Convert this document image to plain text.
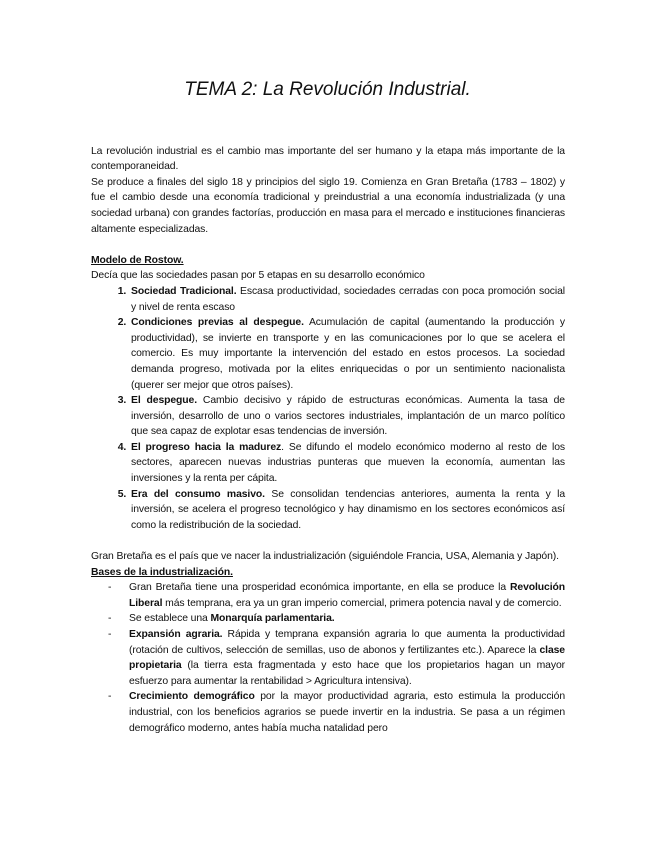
TEMA 2: La Revolución Industrial.

La revolución industrial es el cambio mas importante del ser humano y la etapa más importante de la contemporaneidad.

Se produce a finales del siglo 18 y principios del siglo 19. Comienza en Gran Bretaña (1783 – 1802) y fue el cambio desde una economía tradicional y preindustrial a una economía industrializada (y una sociedad urbana) con grandes factorías, producción en masa para el mercado e instituciones financieras altamente especializadas.

Modelo de Rostow.

Decía que las sociedades pasan por 5 etapas en su desarrollo económico

1. Sociedad Tradicional. Escasa productividad, sociedades cerradas con poca promoción social y nivel de renta escaso
2. Condiciones previas al despegue. Acumulación de capital (aumentando la producción y productividad), se invierte en transporte y en las comunicaciones por lo que se acelera el comercio. Es muy importante la intervención del estado en estos procesos. La sociedad demanda progreso, motivada por la elites enriquecidas o por un sentimiento nacionalista (querer ser mejor que otros países).
3. El despegue. Cambio decisivo y rápido de estructuras económicas. Aumenta la tasa de inversión, desarrollo de uno o varios sectores industriales, implantación de un marco político que sea capaz de explotar esas tendencias de inversión.
4. El progreso hacia la madurez. Se difundo el modelo económico moderno al resto de los sectores, aparecen nuevas industrias punteras que mueven la economía, aumentan las inversiones y la renta per cápita.
5. Era del consumo masivo. Se consolidan tendencias anteriores, aumenta la renta y la inversión, se acelera el progreso tecnológico y hay dinamismo en los sectores económicos así como la redistribución de la sociedad.

Gran Bretaña es el país que ve nacer la industrialización (siguiéndole Francia, USA, Alemania y Japón).

Bases de la industrialización.

- Gran Bretaña tiene una prosperidad económica importante, en ella se produce la Revolución Liberal más temprana, era ya un gran imperio comercial, primera potencia naval y de comercio.
- Se establece una Monarquía parlamentaria.
- Expansión agraria. Rápida y temprana expansión agraria lo que aumenta la productividad (rotación de cultivos, selección de semillas, uso de abonos y fertilizantes etc.). Aparece la clase propietaria (la tierra esta fragmentada y esto hace que los propietarios hagan un mayor esfuerzo para aumentar la rentabilidad > Agricultura intensiva).
- Crecimiento demográfico por la mayor productividad agraria, esto estimula la producción industrial, con los beneficios agrarios se puede invertir en la industria. Se pasa a un régimen demográfico moderno, antes había mucha natalidad pero
